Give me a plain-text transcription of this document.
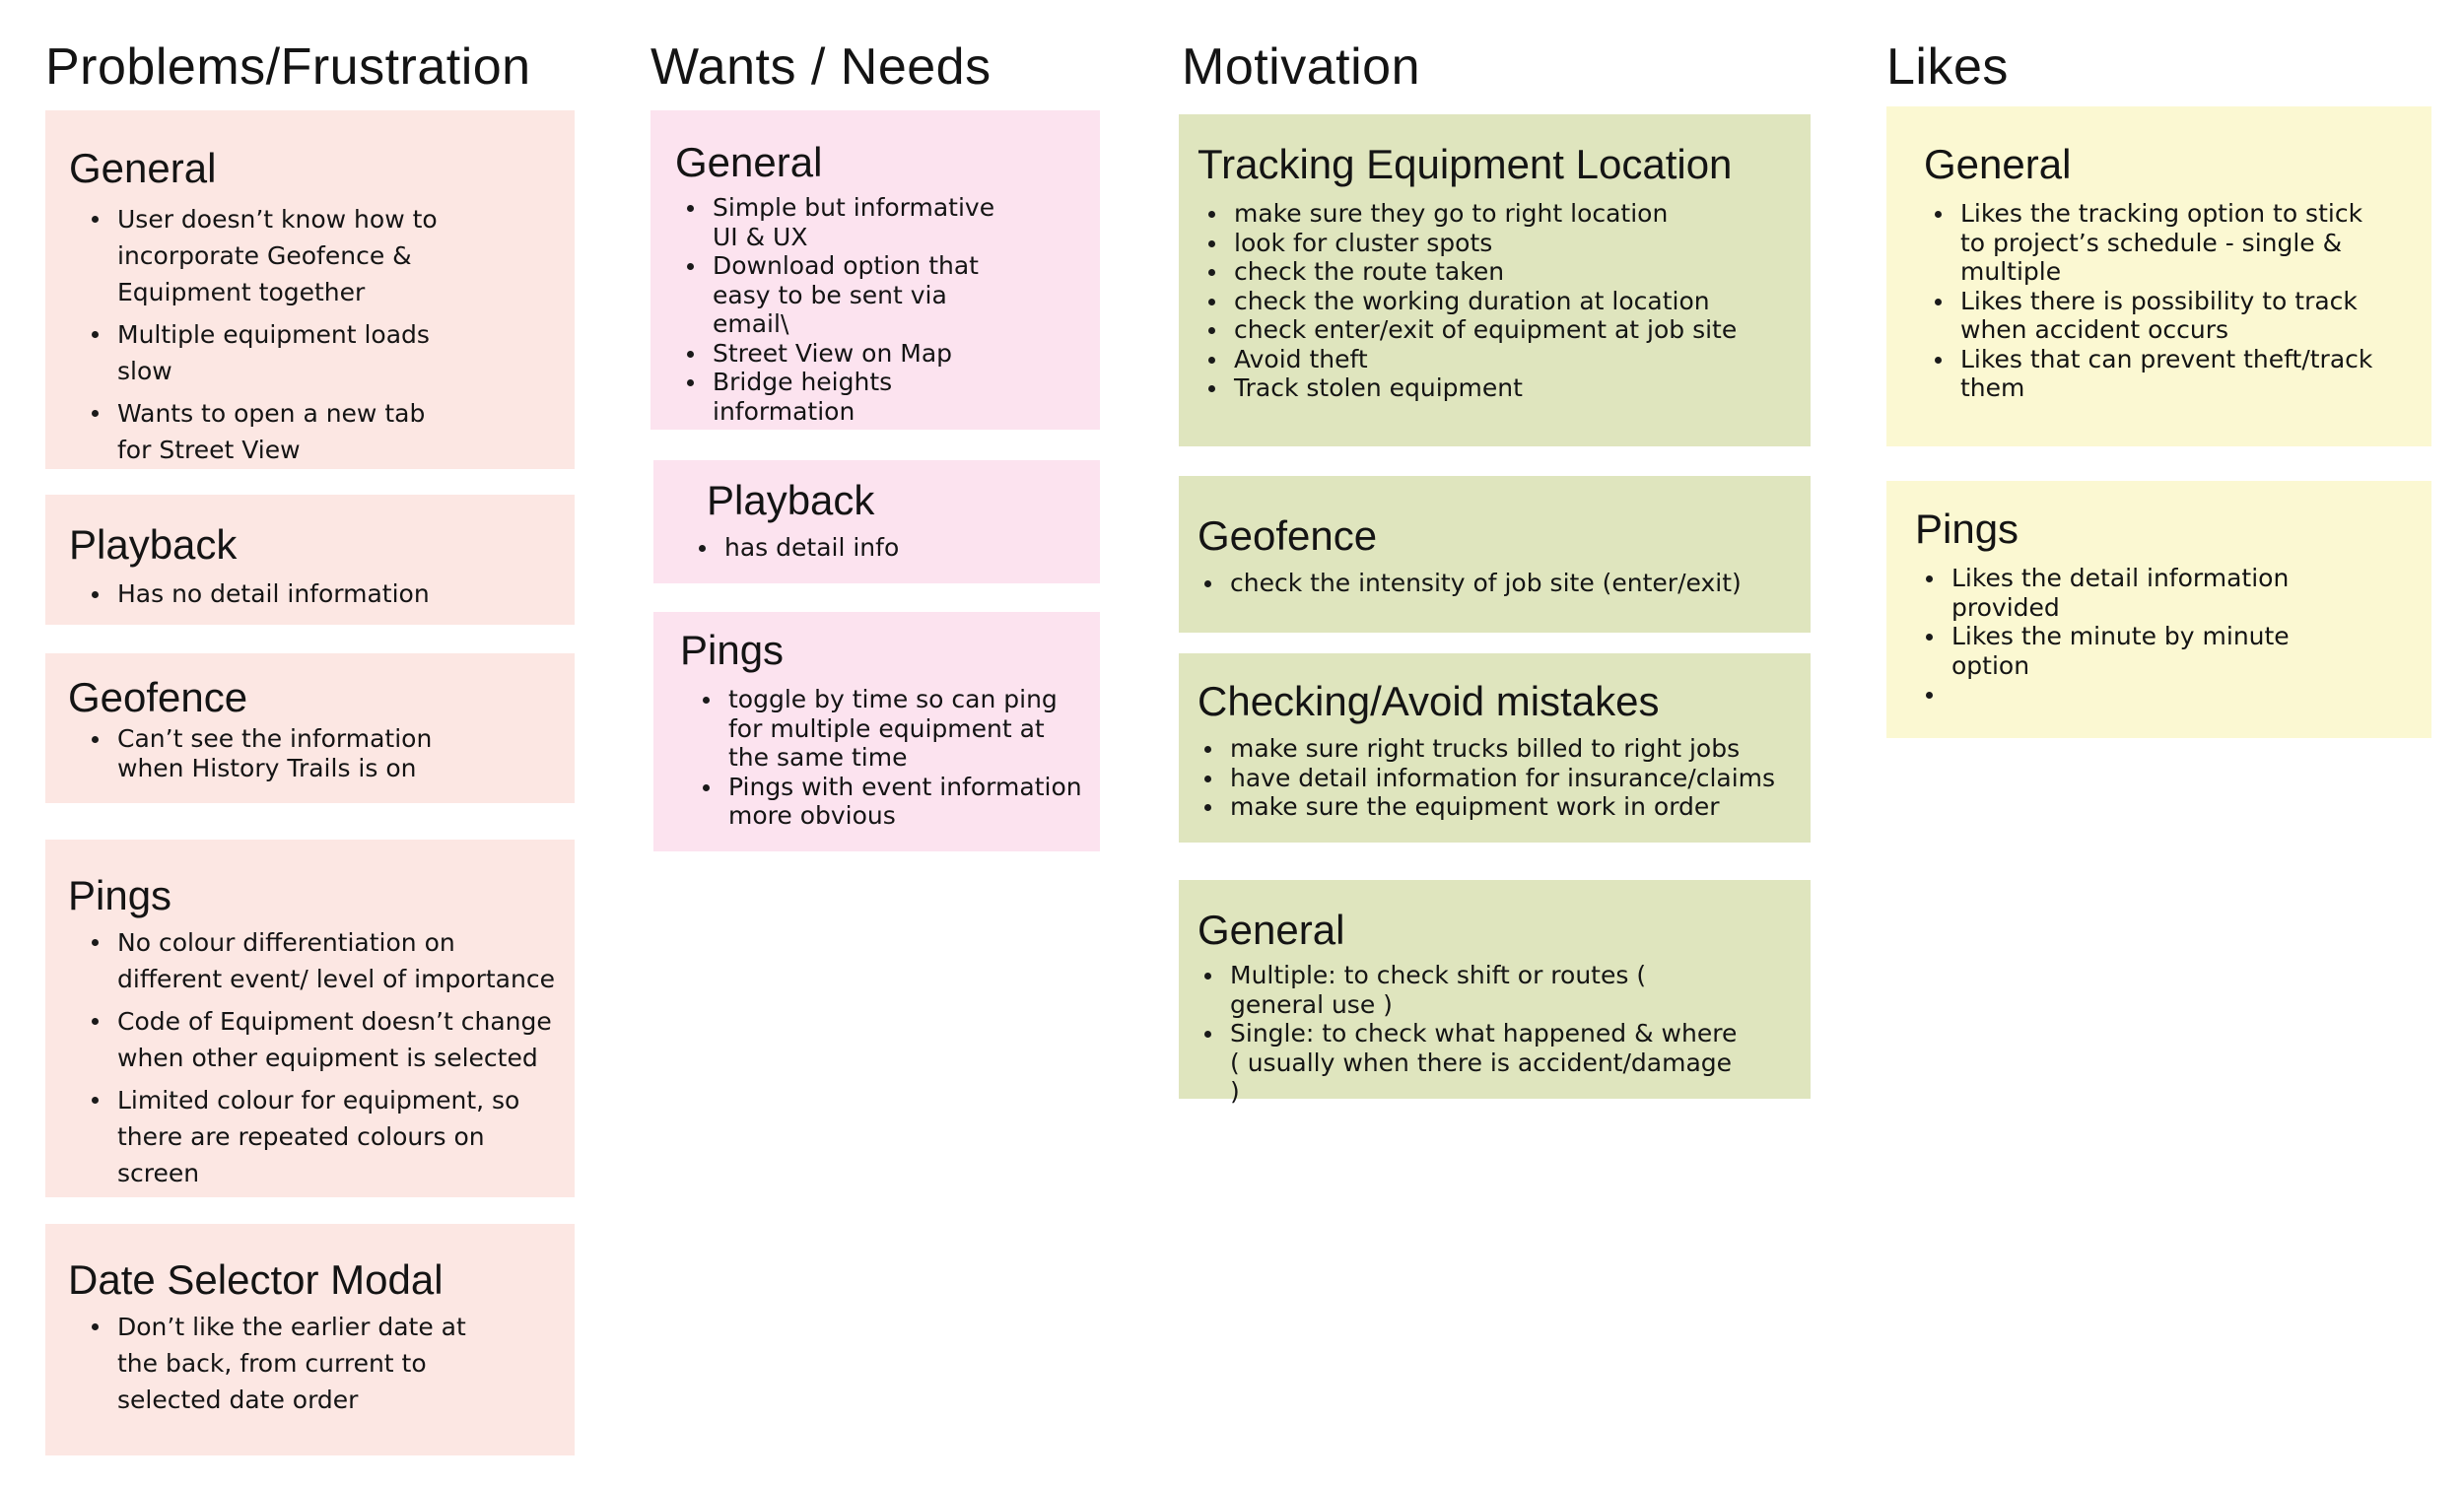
Problems/Frustration
General
User doesn’t know how to incorporate Geofence & Equipment together
Multiple equipment loads slow
Wants to open a new tab for Street View
Playback
Has no detail information
Geofence
Can’t see the information when History Trails is on
Pings
No colour differentiation on different event/ level of importance
Code of Equipment doesn’t change when other equipment is selected
Limited colour for equipment, so there are repeated colours on screen
Date Selector Modal
Don’t like the earlier date at the back, from current to selected date order
Wants / Needs
General
Simple but informative UI & UX
Download option that easy to be sent via email\
Street View on Map
Bridge heights information
Playback
has detail info
Pings
toggle by time so can ping for multiple equipment at the same time
Pings with event information more obvious
Motivation
Tracking Equipment Location
make sure they go to right location
look for cluster spots
check the route taken
check the working duration at location
check enter/exit of equipment at job site
Avoid theft
Track stolen equipment
Geofence
check the intensity of job site (enter/exit)
Checking/Avoid mistakes
make sure right trucks billed to right jobs
have detail information for insurance/claims
make sure the equipment work in order
General
Multiple: to check shift or routes ( general use )
Single: to check what happened & where ( usually when there is accident/damage )
Likes
General
Likes the tracking option to stick to project’s schedule - single & multiple
Likes there is possibility to track when accident occurs
Likes that can prevent theft/track them
Pings
Likes the detail information provided
Likes the minute by minute option
